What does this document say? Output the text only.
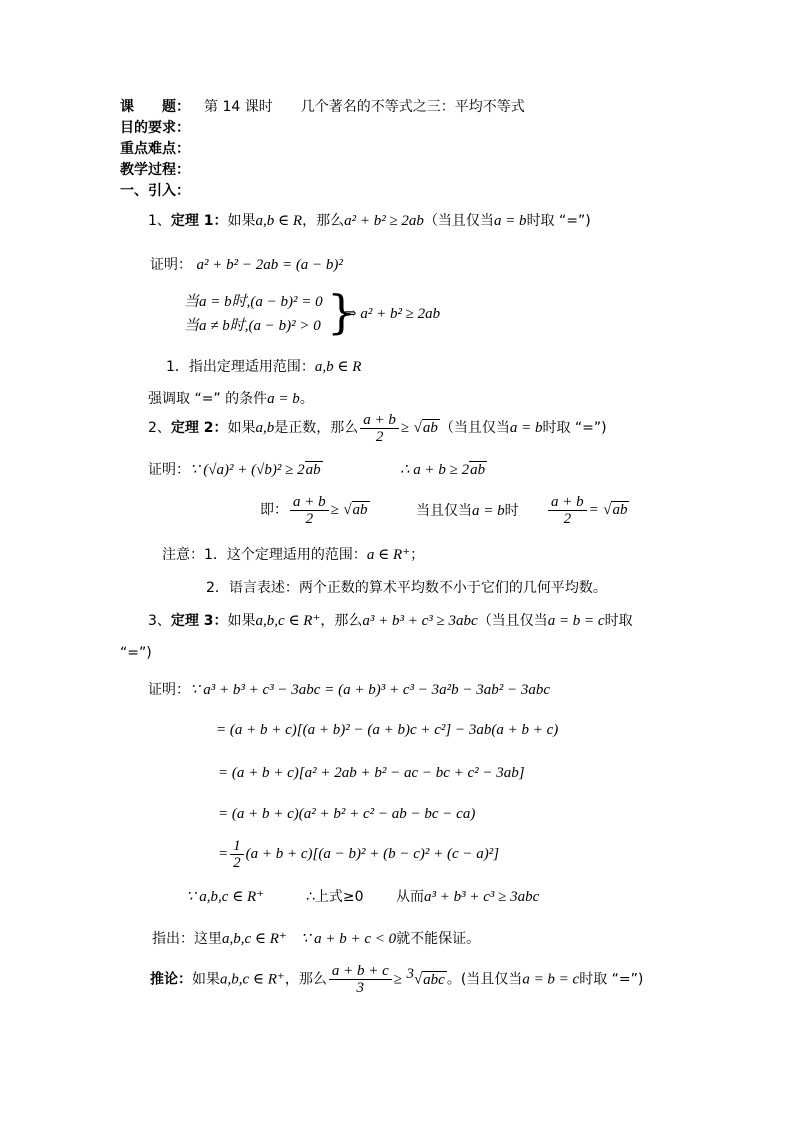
课　　题： 第 14 课时　　几个著名的不等式之三：平均不等式
目的要求：
重点难点：
教学过程：
一、引入：
1、定理 1：如果a,b ∈ R，那么a² + b² ≥ 2ab（当且仅当a = b时取 “=”)
证明： a² + b² − 2ab = (a − b)²
当a = b时,(a − b)² = 0
当a ≠ b时,(a − b)² > 0 }
⇒ a² + b² ≥ 2ab
1．指出定理适用范围：a,b ∈ R
强调取 “=” 的条件a = b。
2、定理 2：如果a,b是正数，那么 $\frac{a + b}{2} \ge √ab$ （当且仅当a = b时取 “=”)
证明：∵ (√a)² + (√b)² ≥ 2ab	∴ a + b ≥ 2ab
即： $\frac{a + b}{2} \ge √ab$	当且仅当a = b时 $\frac{a + b}{2} = √ab$
注意：1．这个定理适用的范围：a ∈ R⁺；
2．语言表述：两个正数的算术平均数不小于它们的几何平均数。
3、定理 3：如果a,b,c ∈ R⁺，那么a³ + b³ + c³ ≥ 3abc（当且仅当a = b = c时取
“=”)
证明：∵ a³ + b³ + c³ − 3abc = (a + b)³ + c³ − 3a²b − 3ab² − 3abc
= (a + b + c)[(a + b)² − (a + b)c + c²] − 3ab(a + b + c)
= (a + b + c)[a² + 2ab + b² − ac − bc + c² − 3ab]
= (a + b + c)(a² + b² + c² − ab − bc − ca)
= $\frac{1}{2} (a + b + c)[(a - b)^2 + (b - c)^2 + (c - a)^2]$
∵ a,b,c ∈ R⁺	∴上式≥0 从而a³ + b³ + c³ ≥ 3abc
指出：这里a,b,c ∈ R⁺　 ∵ a + b + c < 0就不能保证。
推论：如果a,b,c ∈ R⁺，那么 $\frac{a + b + c}{3} \ge ^3√abc$ 。(当且仅当a = b = c时取 “=”)
